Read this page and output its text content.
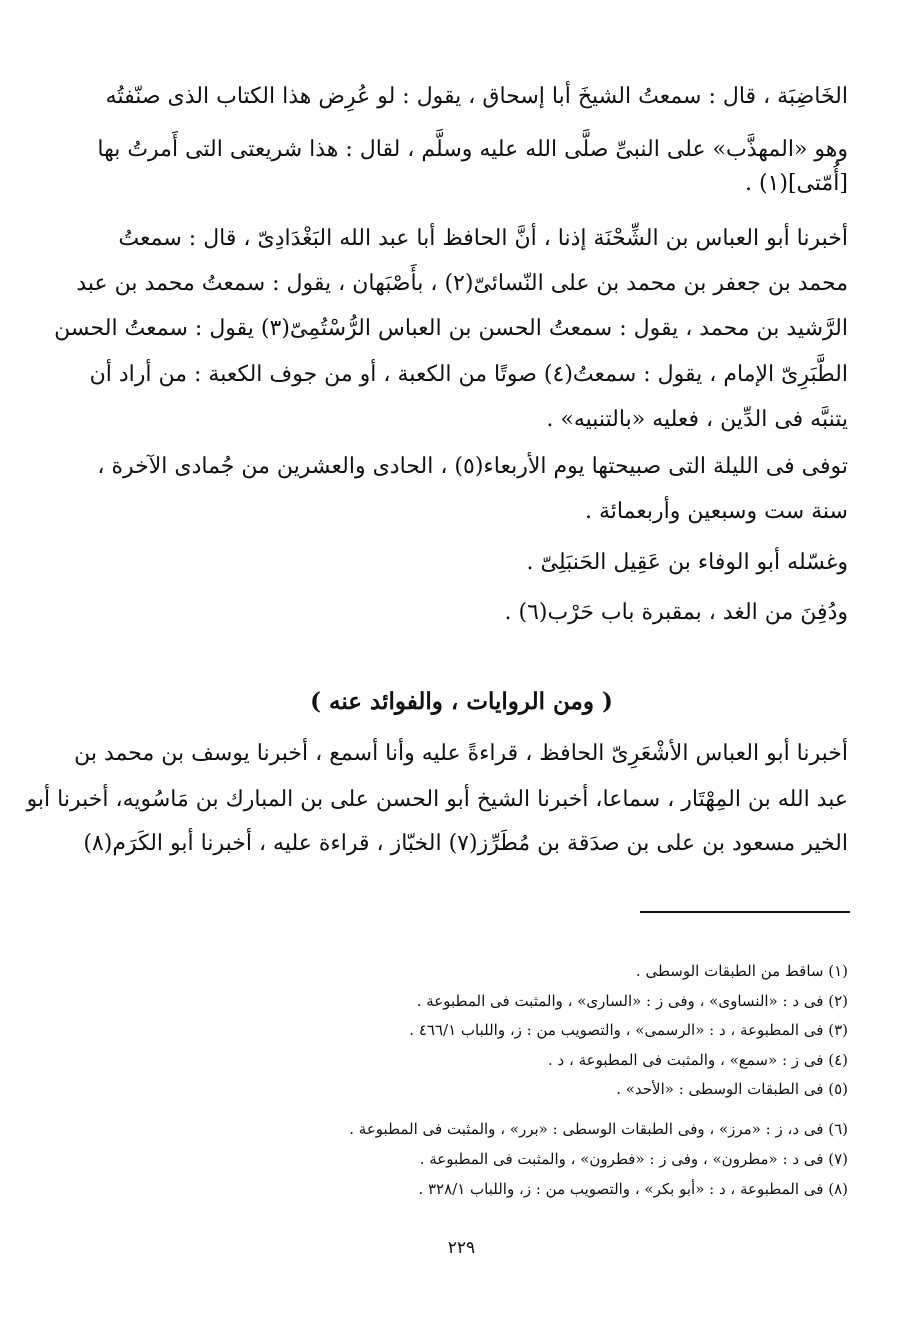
الخَاضِبَة ، قال : سمعتُ الشيخَ أبا إسحاق ، يقول : لو عُرِض هذا الكتاب الذى صنّفتُه
وهو «المهذَّب» على النبىِّ صلَّى الله عليه وسلَّم ، لقال : هذا شريعتى التى أَمرتُ بها
[أُمّتى](١) .
أخبرنا أبو العباس بن الشِّحْنَة إذنا ، أنَّ الحافظ أبا عبد الله البَغْدَادِىّ ، قال : سمعتُ
محمد بن جعفر بن محمد بن على النّسائىّ(٢) ، بأَصْبَهان ، يقول : سمعتُ محمد بن عبد
الرَّشيد بن محمد ، يقول : سمعتُ الحسن بن العباس الرُّسْتُمِىّ(٣) يقول : سمعتُ الحسن
الطَّبَرِىّ الإمام ، يقول : سمعتُ(٤) صوتًا من الكعبة ، أو من جوف الكعبة : من أراد أن
يتنبَّه فى الدِّين ، فعليه «بالتنبيه» .
توفى فى الليلة التى صبيحتها يوم الأربعاء(٥) ، الحادى والعشرين من جُمادى الآخرة ،
سنة ست وسبعين وأربعمائة .
وغسّله أبو الوفاء بن عَقِيل الحَنبَلِىّ .
ودُفِنَ من الغد ، بمقبرة باب حَرْب(٦) .
( ومن الروايات ، والفوائد عنه )
أخبرنا أبو العباس الأشْعَرِىّ الحافظ ، قراءةً عليه وأنا أسمع ، أخبرنا يوسف بن محمد بن
عبد الله بن المِهْتَار ، سماعا، أخبرنا الشيخ أبو الحسن على بن المبارك بن مَاسُويه، أخبرنا أبو
الخير مسعود بن على بن صدَقة بن مُطَرِّز(٧) الخبّاز ، قراءة عليه ، أخبرنا أبو الكَرَم(٨)
(١) ساقط من الطبقات الوسطى .
(٢) فى د : «النساوى» ، وفى ز : «السارى» ، والمثبت فى المطبوعة .
(٣) فى المطبوعة ، د : «الرسمى» ، والتصويب من : ز، واللباب ٤٦٦/١ .
(٤) فى ز : «سمع» ، والمثبت فى المطبوعة ، د .
(٥) فى الطبقات الوسطى : «الأحد» .
(٦) فى د، ز : «مرز» ، وفى الطبقات الوسطى : «برر» ، والمثبت فى المطبوعة .
(٧) فى د : «مطرون» ، وفى ز : «فطرون» ، والمثبت فى المطبوعة .
(٨) فى المطبوعة ، د : «أبو بكر» ، والتصويب من : ز، واللباب ٣٢٨/١ .
٢٢٩
